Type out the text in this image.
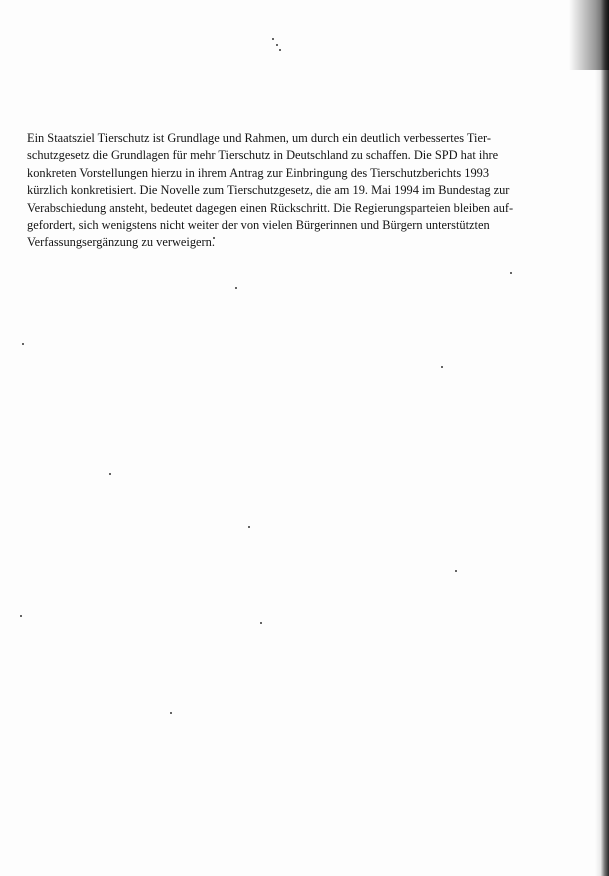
Ein Staatsziel Tierschutz ist Grundlage und Rahmen, um durch ein deutlich verbessertes Tier-
schutzgesetz die Grundlagen für mehr Tierschutz in Deutschland zu schaffen. Die SPD hat ihre
konkreten Vorstellungen hierzu in ihrem Antrag zur Einbringung des Tierschutzberichts 1993
kürzlich konkretisiert. Die Novelle zum Tierschutzgesetz, die am 19. Mai 1994 im Bundestag zur
Verabschiedung ansteht, bedeutet dagegen einen Rückschritt. Die Regierungsparteien bleiben auf-
gefordert, sich wenigstens nicht weiter der von vielen Bürgerinnen und Bürgern unterstützten
Verfassungsergänzung zu verweigern.
